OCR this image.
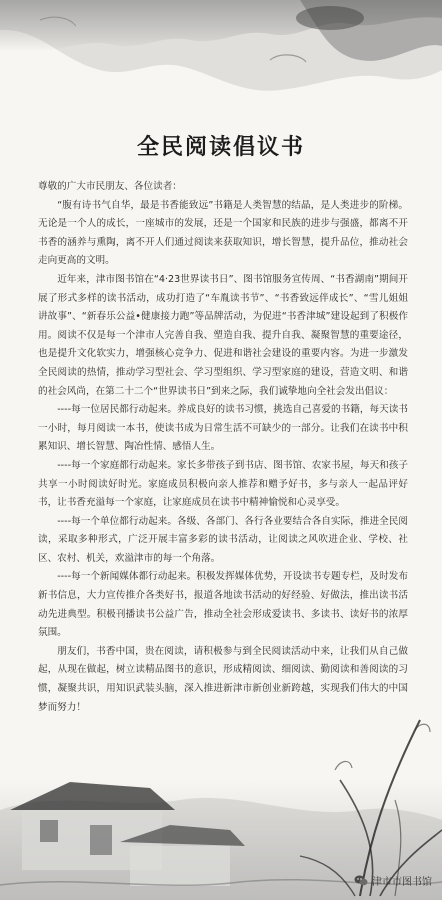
全民阅读倡议书

尊敬的广大市民朋友、各位读者：

“腹有诗书气自华，最是书香能致远”书籍是人类智慧的结晶，是人类进步的阶梯。无论是一个人的成长，一座城市的发展，还是一个国家和民族的进步与强盛，都离不开书香的涵养与熏陶，离不开人们通过阅读来获取知识，增长智慧，提升品位，推动社会走向更高的文明。

近年来，津市图书馆在“4·23世界读书日”、图书馆服务宣传周、“书香湖南”期间开展了形式多样的读书活动，成功打造了“车胤读书节”、“书香致远伴成长”、“雪儿姐姐讲故事”、“新春乐公益•健康接力跑”等品牌活动，为促进“书香津城”建设起到了积极作用。阅读不仅是每一个津市人完善自我、塑造自我、提升自我、凝聚智慧的重要途径，也是提升文化软实力，增强核心竞争力、促进和谐社会建设的重要内容。为进一步激发全民阅读的热情，推动学习型社会、学习型组织、学习型家庭的建设，营造文明、和谐的社会风尚，在第二十二个“世界读书日”到来之际，我们诚挚地向全社会发出倡议：

----每一位居民都行动起来。养成良好的读书习惯，挑选自己喜爱的书籍，每天读书一小时，每月阅读一本书，使读书成为日常生活不可缺少的一部分。让我们在读书中积累知识、增长智慧、陶冶性情、感悟人生。

----每一个家庭都行动起来。家长多带孩子到书店、图书馆、农家书屋，每天和孩子共享一小时阅读好时光。家庭成员积极向亲人推荐和赠予好书，多与亲人一起品评好书，让书香充溢每一个家庭，让家庭成员在读书中精神愉悦和心灵享受。

----每一个单位都行动起来。各级、各部门、各行各业要结合各自实际，推进全民阅读，采取多种形式，广泛开展丰富多彩的读书活动，让阅读之风吹进企业、学校、社区、农村、机关，欢溢津市的每一个角落。

----每一个新闻媒体都行动起来。积极发挥媒体优势，开设读书专题专栏，及时发布新书信息，大力宣传推介各类好书，报道各地读书活动的好经验、好做法，推出读书活动先进典型。积极刊播读书公益广告，推动全社会形成爱读书、多读书、读好书的浓厚氛围。

朋友们，书香中国，贵在阅读，请积极参与到全民阅读活动中来，让我们从自己做起，从现在做起，树立读精品图书的意识，形成精阅读、细阅读、勤阅读和善阅读的习惯，凝聚共识，用知识武装头脑，深入推进新津市新创业新跨越，实现我们伟大的中国梦而努力！

津市市图书馆
